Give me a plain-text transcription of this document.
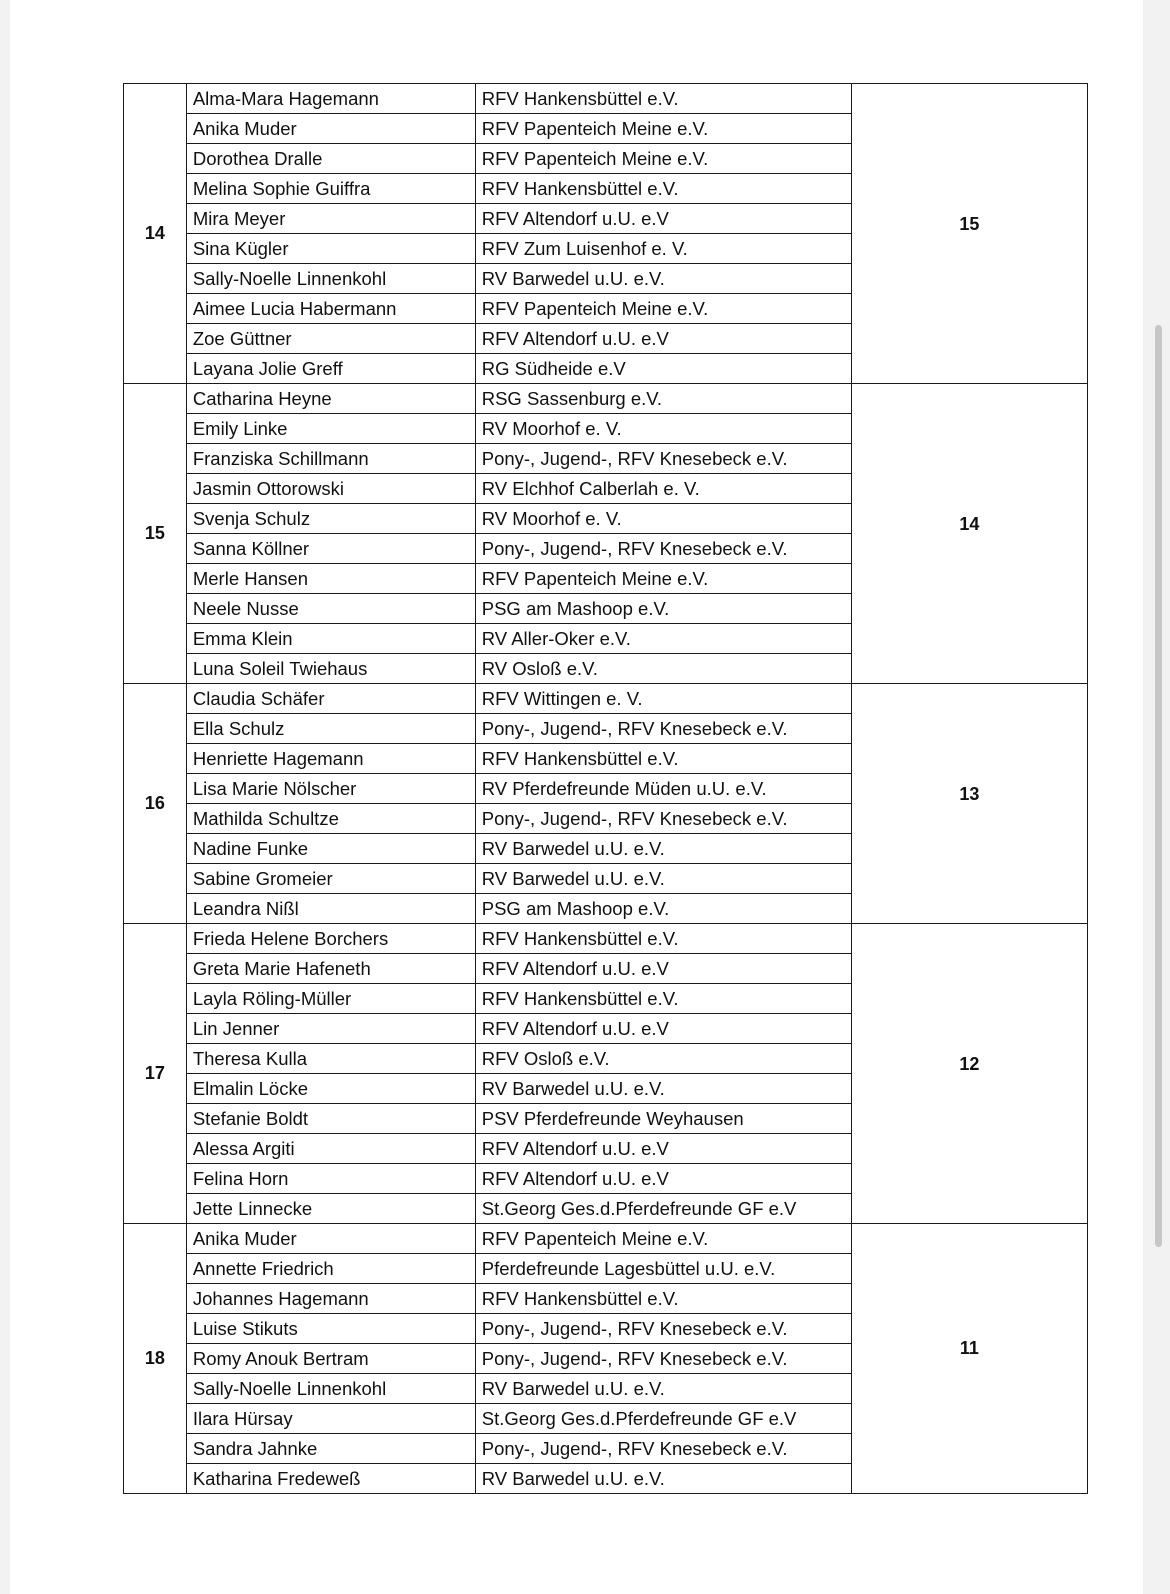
14	Alma-Mara Hagemann	RFV Hankensbüttel e.V.	15

	Anika Muder	RFV Papenteich Meine e.V.	
	Dorothea Dralle	RFV Papenteich Meine e.V.	
	Melina Sophie Guiffra	RFV Hankensbüttel e.V.	
	Mira Meyer	RFV Altendorf u.U. e.V	
	Sina Kügler	RFV Zum Luisenhof e. V.	
	Sally-Noelle Linnenkohl	RV Barwedel u.U. e.V.	
	Aimee Lucia Habermann	RFV Papenteich Meine e.V.	
	Zoe Güttner	RFV Altendorf u.U. e.V	
	Layana Jolie Greff	RG Südheide e.V	
15	Catharina Heyne	RSG Sassenburg e.V.	14

	Emily Linke	RV Moorhof e. V.	
	Franziska Schillmann	Pony-, Jugend-, RFV Knesebeck e.V.	
	Jasmin Ottorowski	RV Elchhof Calberlah e. V.	
	Svenja Schulz	RV Moorhof e. V.	
	Sanna Köllner	Pony-, Jugend-, RFV Knesebeck e.V.	
	Merle Hansen	RFV Papenteich Meine e.V.	
	Neele Nusse	PSG am Mashoop e.V.	
	Emma Klein	RV Aller-Oker e.V.	
	Luna Soleil Twiehaus	RV Osloß e.V.	
16	Claudia Schäfer	RFV Wittingen e. V.	13

	Ella Schulz	Pony-, Jugend-, RFV Knesebeck e.V.	
	Henriette Hagemann	RFV Hankensbüttel e.V.	
	Lisa Marie Nölscher	RV Pferdefreunde Müden u.U. e.V.	
	Mathilda Schultze	Pony-, Jugend-, RFV Knesebeck e.V.	
	Nadine Funke	RV Barwedel u.U. e.V.	
	Sabine Gromeier	RV Barwedel u.U. e.V.	
	Leandra Nißl	PSG am Mashoop e.V.	
17	Frieda Helene Borchers	RFV Hankensbüttel e.V.	12

	Greta Marie Hafeneth	RFV Altendorf u.U. e.V	
	Layla Röling-Müller	RFV Hankensbüttel e.V.	
	Lin Jenner	RFV Altendorf u.U. e.V	
	Theresa Kulla	RFV Osloß e.V.	
	Elmalin Löcke	RV Barwedel u.U. e.V.	
	Stefanie Boldt	PSV Pferdefreunde Weyhausen	
	Alessa Argiti	RFV Altendorf u.U. e.V	
	Felina Horn	RFV Altendorf u.U. e.V	
	Jette Linnecke	St.Georg Ges.d.Pferdefreunde GF e.V	
18	Anika Muder	RFV Papenteich Meine e.V.	11

	Annette Friedrich	Pferdefreunde Lagesbüttel u.U. e.V.	
	Johannes Hagemann	RFV Hankensbüttel e.V.	
	Luise Stikuts	Pony-, Jugend-, RFV Knesebeck e.V.	
	Romy Anouk Bertram	Pony-, Jugend-, RFV Knesebeck e.V.	
	Sally-Noelle Linnenkohl	RV Barwedel u.U. e.V.	
	Ilara Hürsay	St.Georg Ges.d.Pferdefreunde GF e.V	
	Sandra Jahnke	Pony-, Jugend-, RFV Knesebeck e.V.	
	Katharina Fredeweß	RV Barwedel u.U. e.V.	
